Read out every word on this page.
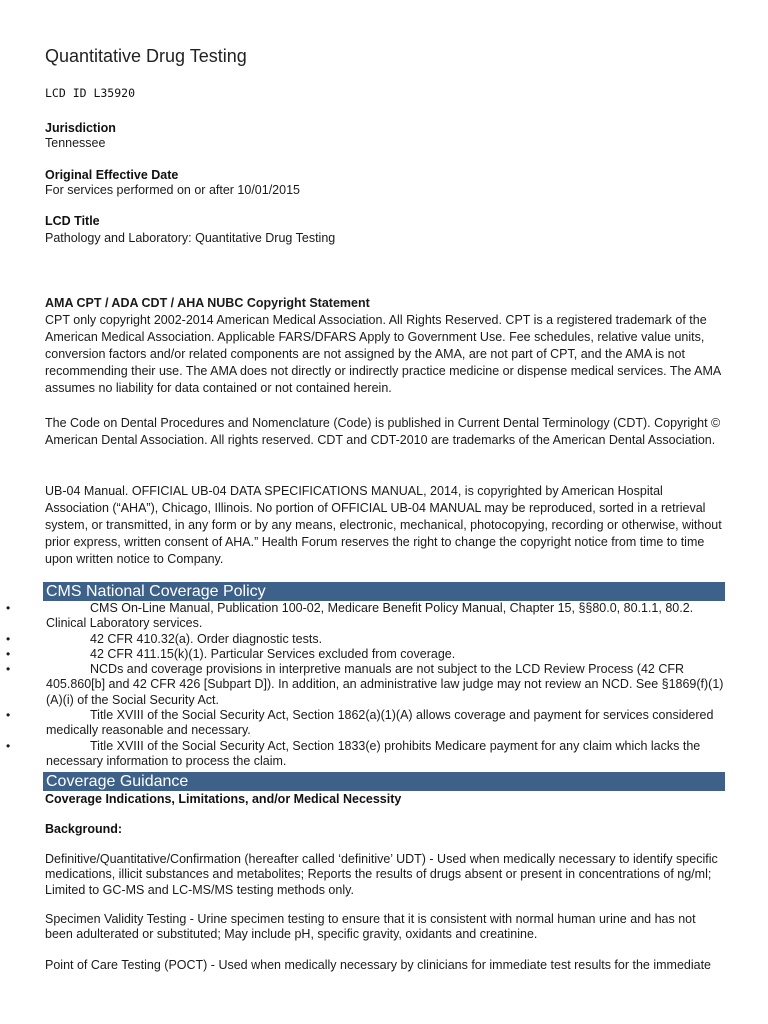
Quantitative Drug Testing
LCD ID L35920
Jurisdiction
Tennessee
Original Effective Date
For services performed on or after 10/01/2015
LCD Title
Pathology and Laboratory: Quantitative Drug Testing
AMA CPT / ADA CDT / AHA NUBC Copyright Statement
CPT only copyright 2002-2014 American Medical Association. All Rights Reserved. CPT is a registered trademark of the American Medical Association. Applicable FARS/DFARS Apply to Government Use. Fee schedules, relative value units, conversion factors and/or related components are not assigned by the AMA, are not part of CPT, and the AMA is not recommending their use. The AMA does not directly or indirectly practice medicine or dispense medical services. The AMA assumes no liability for data contained or not contained herein.

The Code on Dental Procedures and Nomenclature (Code) is published in Current Dental Terminology (CDT). Copyright © American Dental Association. All rights reserved. CDT and CDT-2010 are trademarks of the American Dental Association.

UB-04 Manual. OFFICIAL UB-04 DATA SPECIFICATIONS MANUAL, 2014, is copyrighted by American Hospital Association (“AHA”), Chicago, Illinois. No portion of OFFICIAL UB-04 MANUAL may be reproduced, sorted in a retrieval system, or transmitted, in any form or by any means, electronic, mechanical, photocopying, recording or otherwise, without prior express, written consent of AHA.” Health Forum reserves the right to change the copyright notice from time to time upon written notice to Company.

CMS National Coverage Policy
•	CMS On-Line Manual, Publication 100-02, Medicare Benefit Policy Manual, Chapter 15, §§80.0, 80.1.1, 80.2. Clinical Laboratory services.
•	42 CFR 410.32(a). Order diagnostic tests.
•	42 CFR 411.15(k)(1). Particular Services excluded from coverage.
•	NCDs and coverage provisions in interpretive manuals are not subject to the LCD Review Process (42 CFR 405.860[b] and 42 CFR 426 [Subpart D]). In addition, an administrative law judge may not review an NCD. See §1869(f)(1)(A)(i) of the Social Security Act.
•	Title XVIII of the Social Security Act, Section 1862(a)(1)(A) allows coverage and payment for services considered medically reasonable and necessary.
•	Title XVIII of the Social Security Act, Section 1833(e) prohibits Medicare payment for any claim which lacks the necessary information to process the claim.
Coverage Guidance
Coverage Indications, Limitations, and/or Medical Necessity
Background:

Definitive/Quantitative/Confirmation (hereafter called ‘definitive’ UDT) - Used when medically necessary to identify specific medications, illicit substances and metabolites; Reports the results of drugs absent or present in concentrations of ng/ml; Limited to GC-MS and LC-MS/MS testing methods only.

Specimen Validity Testing - Urine specimen testing to ensure that it is consistent with normal human urine and has not been adulterated or substituted; May include pH, specific gravity, oxidants and creatinine.

Point of Care Testing (POCT) - Used when medically necessary by clinicians for immediate test results for the immediate
